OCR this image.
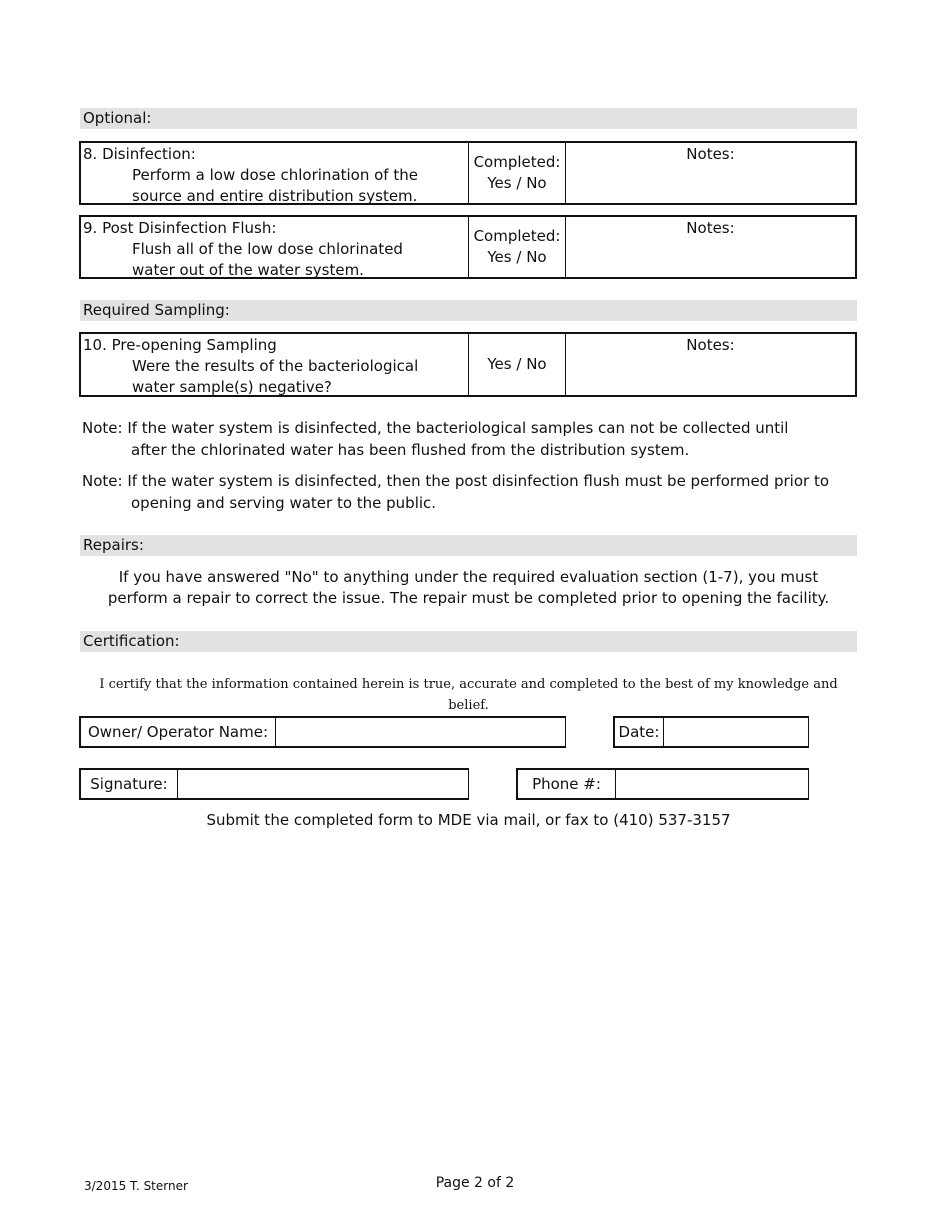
Optional:
8. Disinfection:
Perform a low dose chlorination of the
source and entire distribution system.
Completed:
Yes / No
Notes:
9. Post Disinfection Flush:
Flush all of the low dose chlorinated
water out of the water system.
Completed:
Yes / No
Notes:
Required Sampling:
10. Pre-opening Sampling
Were the results of the bacteriological
water sample(s) negative?
Yes / No
Notes:
Note: If the water system is disinfected, the bacteriological samples can not be collected until
after the chlorinated water has been flushed from the distribution system.
Note: If the water system is disinfected, then the post disinfection flush must be performed prior to
opening and serving water to the public.
Repairs:
If you have answered "No" to anything under the required evaluation section (1-7), you must
perform a repair to correct the issue. The repair must be completed prior to opening the facility.
Certification:
I certify that the information contained herein is true, accurate and completed to the best of my knowledge and belief.
Owner/ Operator Name:	Date:
Signature:	Phone #:
Submit the completed form to MDE via mail, or fax to (410) 537-3157
3/2015 T. Sterner	Page 2 of 2
